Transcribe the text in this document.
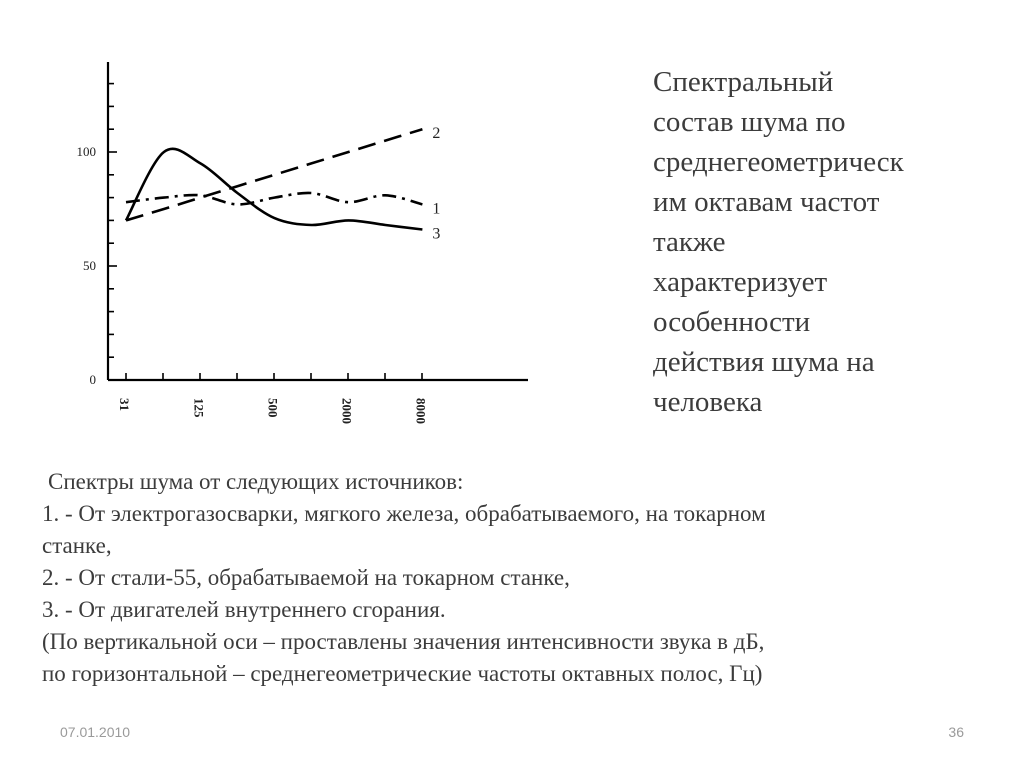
0
50
100
31	125	500	2000	8000
1
2
3

Спектральный

состав шума по

среднегеометрическ

им октавам частот

также

характеризует

особенности

действия шума на

человека

Спектры шума от следующих источников:

1. - От электрогазосварки, мягкого железа, обрабатываемого, на токарном

станке,

2. - От стали-55, обрабатываемой на токарном станке,

3. - От двигателей внутреннего сгорания.

(По вертикальной оси – проставлены значения интенсивности звука в дБ,

по горизонтальной – среднегеометрические частоты октавных полос, Гц)

07.01.2010	36
